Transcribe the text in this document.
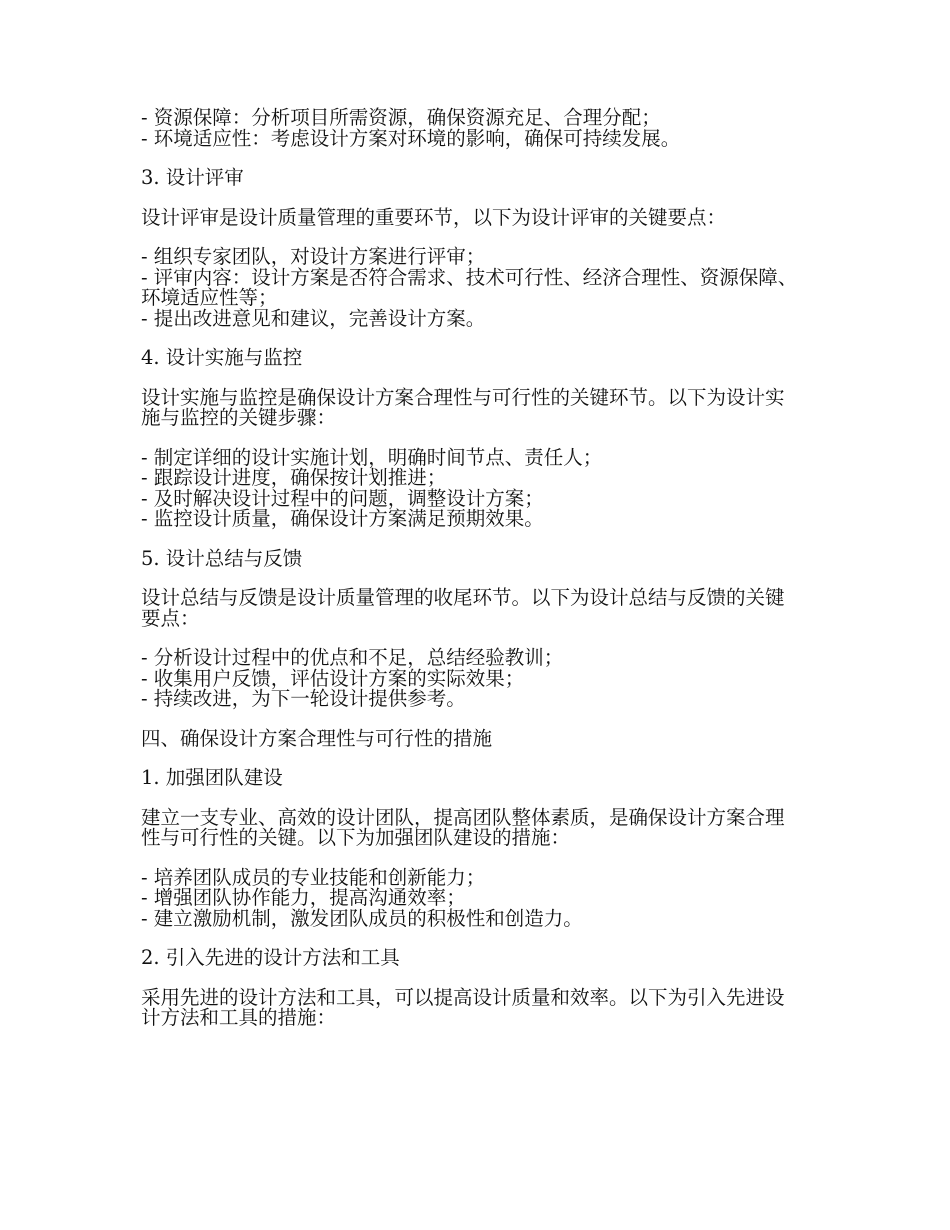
- 资源保障：分析项目所需资源，确保资源充足、合理分配；
- 环境适应性：考虑设计方案对环境的影响，确保可持续发展。
3. 设计评审
设计评审是设计质量管理的重要环节，以下为设计评审的关键要点：
- 组织专家团队，对设计方案进行评审；
- 评审内容：设计方案是否符合需求、技术可行性、经济合理性、资源保障、环境适应性等；
- 提出改进意见和建议，完善设计方案。
4. 设计实施与监控
设计实施与监控是确保设计方案合理性与可行性的关键环节。以下为设计实施与监控的关键步骤：
- 制定详细的设计实施计划，明确时间节点、责任人；
- 跟踪设计进度，确保按计划推进；
- 及时解决设计过程中的问题，调整设计方案；
- 监控设计质量，确保设计方案满足预期效果。
5. 设计总结与反馈
设计总结与反馈是设计质量管理的收尾环节。以下为设计总结与反馈的关键要点：
- 分析设计过程中的优点和不足，总结经验教训；
- 收集用户反馈，评估设计方案的实际效果；
- 持续改进，为下一轮设计提供参考。
四、确保设计方案合理性与可行性的措施
1. 加强团队建设
建立一支专业、高效的设计团队，提高团队整体素质，是确保设计方案合理性与可行性的关键。以下为加强团队建设的措施：
- 培养团队成员的专业技能和创新能力；
- 增强团队协作能力，提高沟通效率；
- 建立激励机制，激发团队成员的积极性和创造力。
2. 引入先进的设计方法和工具
采用先进的设计方法和工具，可以提高设计质量和效率。以下为引入先进设计方法和工具的措施：
